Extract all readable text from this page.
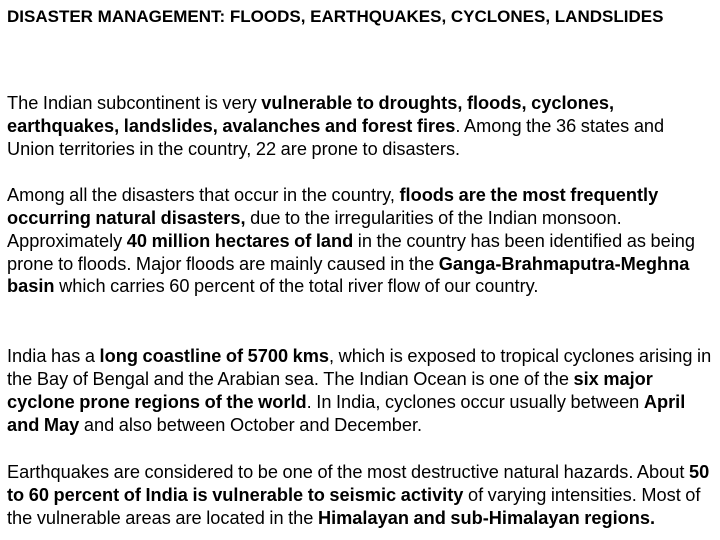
DISASTER MANAGEMENT: FLOODS, EARTHQUAKES, CYCLONES, LANDSLIDES

The Indian subcontinent is very vulnerable to droughts, floods, cyclones, earthquakes, landslides, avalanches and forest fires. Among the 36 states and Union territories in the country, 22 are prone to disasters.

Among all the disasters that occur in the country, floods are the most frequently occurring natural disasters, due to the irregularities of the Indian monsoon. Approximately 40 million hectares of land in the country has been identified as being prone to floods. Major floods are mainly caused in the Ganga-Brahmaputra-Meghna basin which carries 60 percent of the total river flow of our country.

India has a long coastline of 5700 kms, which is exposed to tropical cyclones arising in the Bay of Bengal and the Arabian sea. The Indian Ocean is one of the six major cyclone prone regions of the world. In India, cyclones occur usually between April and May and also between October and December.

Earthquakes are considered to be one of the most destructive natural hazards. About 50 to 60 percent of India is vulnerable to seismic activity of varying intensities. Most of the vulnerable areas are located in the Himalayan and sub-Himalayan regions.
